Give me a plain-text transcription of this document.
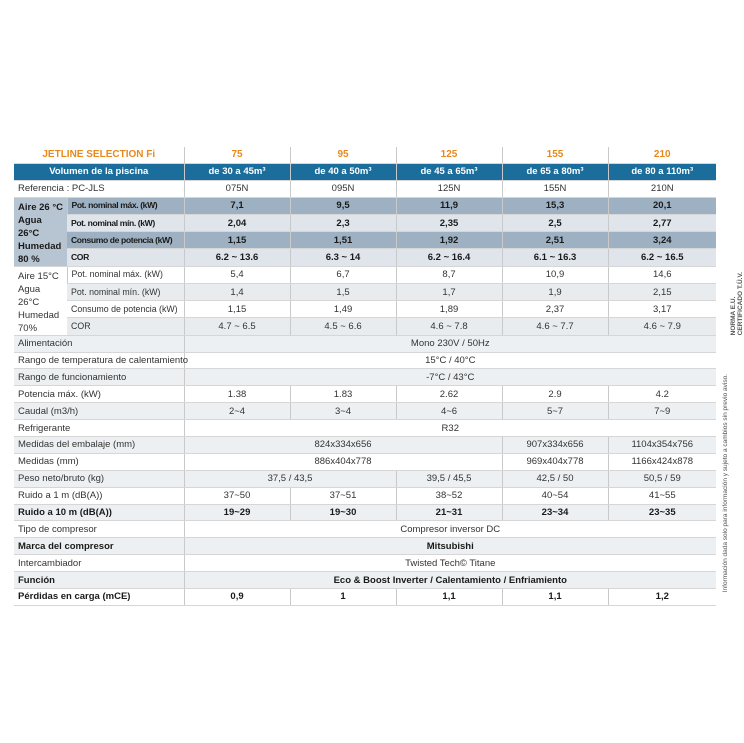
JETLINE SELECTION Fi		75	95	125	155	210
Volumen de la piscina		de 30 a 45m³	de 40 a 50m³	de 45 a 65m³	de 65 a 80m³	de 80 a 110m³
Referencia : PC-JLS		075N	095N	125N	155N	210N
Aire 26 °C Agua 26°C Humedad 80 %	Pot. nominal máx. (kW)	7,1	9,5	11,9	15,3	20,1
	Pot. nominal mín. (kW)	2,04	2,3	2,35	2,5	2,77
	Consumo de potencia (kW)	1,15	1,51	1,92	2,51	3,24
	COR	6.2 ~ 13.6	6.3 ~ 14	6.2 ~ 16.4	6.1 ~ 16.3	6.2 ~ 16.5
Aire 15°C Agua 26°C Humedad 70%	Pot. nominal máx. (kW)	5,4	6,7	8,7	10,9	14,6
	Pot. nominal mín. (kW)	1,4	1,5	1,7	1,9	2,15
	Consumo de potencia (kW)	1,15	1,49	1,89	2,37	3,17
	COR	4.7 ~ 6.5	4.5 ~ 6.6	4.6 ~ 7.8	4.6 ~ 7.7	4.6 ~ 7.9
Alimentación		Mono 230V / 50Hz				
Rango de temperatura de calentamiento		15°C / 40°C				
Rango de funcionamiento		-7°C / 43°C				
Potencia máx. (kW)		1.38	1.83	2.62	2.9	4.2
Caudal (m3/h)		2~4	3~4	4~6	5~7	7~9
Refrigerante		R32				
Medidas del embalaje (mm)		824x334x656			907x334x656	1104x354x756
Medidas (mm)		886x404x778			969x404x778	1166x424x878
Peso neto/bruto (kg)		37,5 / 43,5		39,5 / 45,5	42,5 / 50	50,5 / 59
Ruido a 1 m (dB(A))		37~50	37~51	38~52	40~54	41~55
Ruido a 10 m (dB(A))		19~29	19~30	21~31	23~34	23~35
Tipo de compresor		Compresor inversor DC				
Marca del compresor		Mitsubishi				
Intercambiador		Twisted Tech© Titane				
Función		Eco & Boost Inverter / Calentamiento / Enfriamiento				
Pérdidas en carga (mCE)		0,9	1	1,1	1,1	1,2
NORMA E.U.
CERTIFICADO T.Ü.V.
Información dada solo para información y sujeto a cambios sin previo aviso.
